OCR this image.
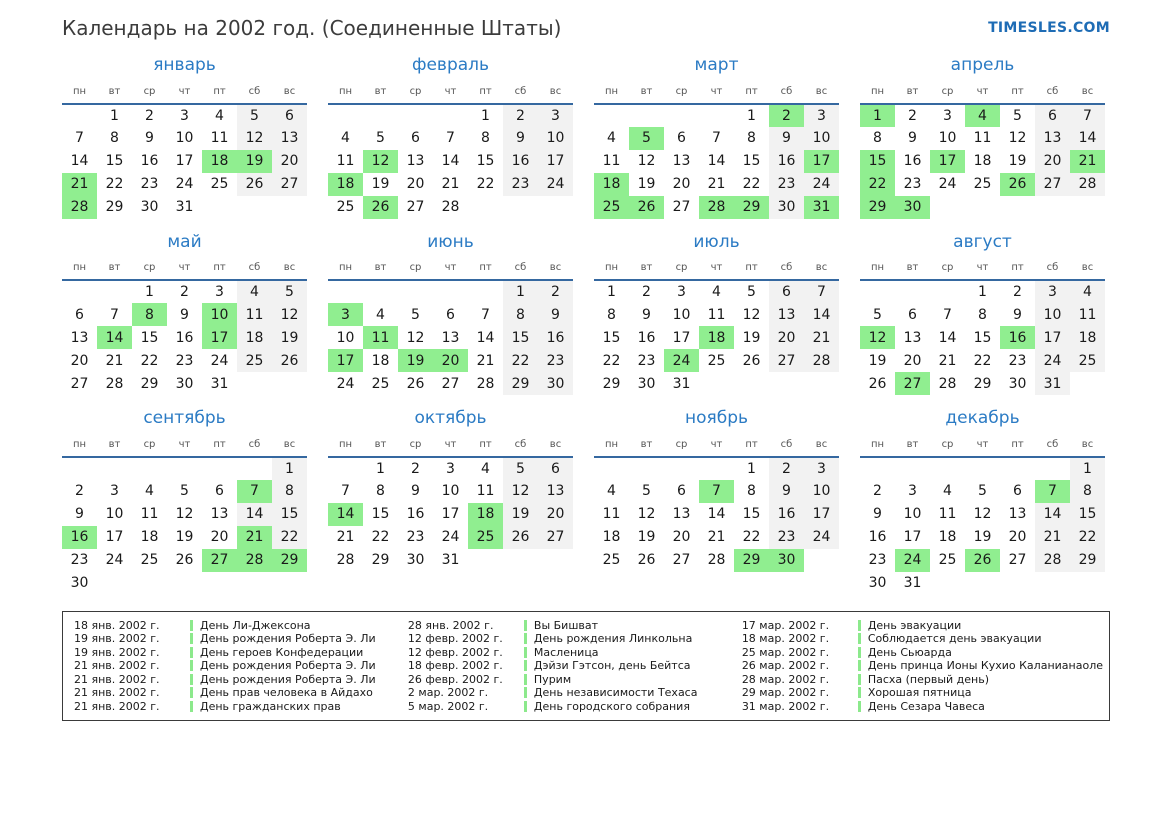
Календарь на 2002 год. (Соединенные Штаты)	TIMESLES.COM
январь
пн	вт	ср	чт	пт	сб	вс
	1	2	3	4	5	6
7	8	9	10	11	12	13
14	15	16	17	18	19	20
21	22	23	24	25	26	27
28	29	30	31			
февраль
пн	вт	ср	чт	пт	сб	вс
				1	2	3
4	5	6	7	8	9	10
11	12	13	14	15	16	17
18	19	20	21	22	23	24
25	26	27	28			
март
пн	вт	ср	чт	пт	сб	вс
				1	2	3
4	5	6	7	8	9	10
11	12	13	14	15	16	17
18	19	20	21	22	23	24
25	26	27	28	29	30	31
апрель
пн	вт	ср	чт	пт	сб	вс
1	2	3	4	5	6	7
8	9	10	11	12	13	14
15	16	17	18	19	20	21
22	23	24	25	26	27	28
29	30					
май
пн	вт	ср	чт	пт	сб	вс
		1	2	3	4	5
6	7	8	9	10	11	12
13	14	15	16	17	18	19
20	21	22	23	24	25	26
27	28	29	30	31		
июнь
пн	вт	ср	чт	пт	сб	вс
					1	2
3	4	5	6	7	8	9
10	11	12	13	14	15	16
17	18	19	20	21	22	23
24	25	26	27	28	29	30
июль
пн	вт	ср	чт	пт	сб	вс
1	2	3	4	5	6	7
8	9	10	11	12	13	14
15	16	17	18	19	20	21
22	23	24	25	26	27	28
29	30	31				
август
пн	вт	ср	чт	пт	сб	вс
			1	2	3	4
5	6	7	8	9	10	11
12	13	14	15	16	17	18
19	20	21	22	23	24	25
26	27	28	29	30	31	
сентябрь
пн	вт	ср	чт	пт	сб	вс
						1
2	3	4	5	6	7	8
9	10	11	12	13	14	15
16	17	18	19	20	21	22
23	24	25	26	27	28	29
30						
октябрь
пн	вт	ср	чт	пт	сб	вс
	1	2	3	4	5	6
7	8	9	10	11	12	13
14	15	16	17	18	19	20
21	22	23	24	25	26	27
28	29	30	31			
ноябрь
пн	вт	ср	чт	пт	сб	вс
				1	2	3
4	5	6	7	8	9	10
11	12	13	14	15	16	17
18	19	20	21	22	23	24
25	26	27	28	29	30	
декабрь
пн	вт	ср	чт	пт	сб	вс
						1
2	3	4	5	6	7	8
9	10	11	12	13	14	15
16	17	18	19	20	21	22
23	24	25	26	27	28	29
30	31					
18 янв. 2002 г.	День Ли-Джексона
19 янв. 2002 г.	День рождения Роберта Э. Ли
19 янв. 2002 г.	День героев Конфедерации
21 янв. 2002 г.	День рождения Роберта Э. Ли
21 янв. 2002 г.	День рождения Роберта Э. Ли
21 янв. 2002 г.	День прав человека в Айдахо
21 янв. 2002 г.	День гражданских прав
28 янв. 2002 г.	Вы Бишват
12 февр. 2002 г.	День рождения Линкольна
12 февр. 2002 г.	Масленица
18 февр. 2002 г.	Дэйзи Гэтсон, день Бейтса
26 февр. 2002 г.	Пурим
2 мар. 2002 г.	День независимости Техаса
5 мар. 2002 г.	День городского собрания
17 мар. 2002 г.	День эвакуации
18 мар. 2002 г.	Соблюдается день эвакуации
25 мар. 2002 г.	День Сьюарда
26 мар. 2002 г.	День принца Ионы Кухио Каланианаоле
28 мар. 2002 г.	Пасха (первый день)
29 мар. 2002 г.	Хорошая пятница
31 мар. 2002 г.	День Сезара Чавеса
